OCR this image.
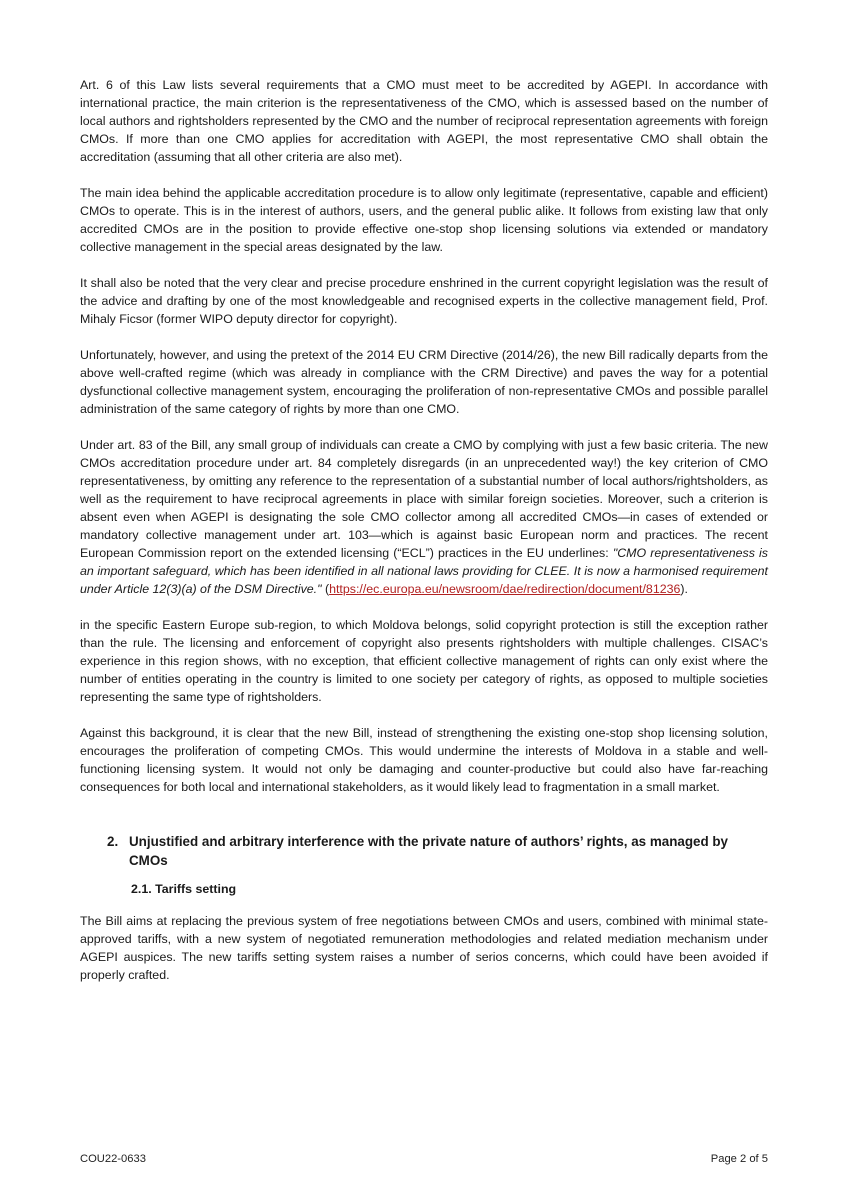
Art. 6 of this Law lists several requirements that a CMO must meet to be accredited by AGEPI. In accordance with international practice, the main criterion is the representativeness of the CMO, which is assessed based on the number of local authors and rightsholders represented by the CMO and the number of reciprocal representation agreements with foreign CMOs. If more than one CMO applies for accreditation with AGEPI, the most representative CMO shall obtain the accreditation (assuming that all other criteria are also met).

The main idea behind the applicable accreditation procedure is to allow only legitimate (representative, capable and efficient) CMOs to operate. This is in the interest of authors, users, and the general public alike. It follows from existing law that only accredited CMOs are in the position to provide effective one-stop shop licensing solutions via extended or mandatory collective management in the special areas designated by the law.

It shall also be noted that the very clear and precise procedure enshrined in the current copyright legislation was the result of the advice and drafting by one of the most knowledgeable and recognised experts in the collective management field, Prof. Mihaly Ficsor (former WIPO deputy director for copyright).

Unfortunately, however, and using the pretext of the 2014 EU CRM Directive (2014/26), the new Bill radically departs from the above well-crafted regime (which was already in compliance with the CRM Directive) and paves the way for a potential dysfunctional collective management system, encouraging the proliferation of non-representative CMOs and possible parallel administration of the same category of rights by more than one CMO.

Under art. 83 of the Bill, any small group of individuals can create a CMO by complying with just a few basic criteria. The new CMOs accreditation procedure under art. 84 completely disregards (in an unprecedented way!) the key criterion of CMO representativeness, by omitting any reference to the representation of a substantial number of local authors/rightsholders, as well as the requirement to have reciprocal agreements in place with similar foreign societies. Moreover, such a criterion is absent even when AGEPI is designating the sole CMO collector among all accredited CMOs—in cases of extended or mandatory collective management under art. 103—which is against basic European norm and practices. The recent European Commission report on the extended licensing (“ECL”) practices in the EU underlines: "CMO representativeness is an important safeguard, which has been identified in all national laws providing for CLEE. It is now a harmonised requirement under Article 12(3)(a) of the DSM Directive." (https://ec.europa.eu/newsroom/dae/redirection/document/81236).

in the specific Eastern Europe sub-region, to which Moldova belongs, solid copyright protection is still the exception rather than the rule. The licensing and enforcement of copyright also presents rightsholders with multiple challenges. CISAC’s experience in this region shows, with no exception, that efficient collective management of rights can only exist where the number of entities operating in the country is limited to one society per category of rights, as opposed to multiple societies representing the same type of rightsholders.

Against this background, it is clear that the new Bill, instead of strengthening the existing one-stop shop licensing solution, encourages the proliferation of competing CMOs. This would undermine the interests of Moldova in a stable and well-functioning licensing system. It would not only be damaging and counter-productive but could also have far-reaching consequences for both local and international stakeholders, as it would likely lead to fragmentation in a small market.

2. Unjustified and arbitrary interference with the private nature of authors’ rights, as managed by CMOs
2.1. Tariffs setting

The Bill aims at replacing the previous system of free negotiations between CMOs and users, combined with minimal state-approved tariffs, with a new system of negotiated remuneration methodologies and related mediation mechanism under AGEPI auspices. The new tariffs setting system raises a number of serios concerns, which could have been avoided if properly crafted.

COU22-0633	Page 2 of 5
